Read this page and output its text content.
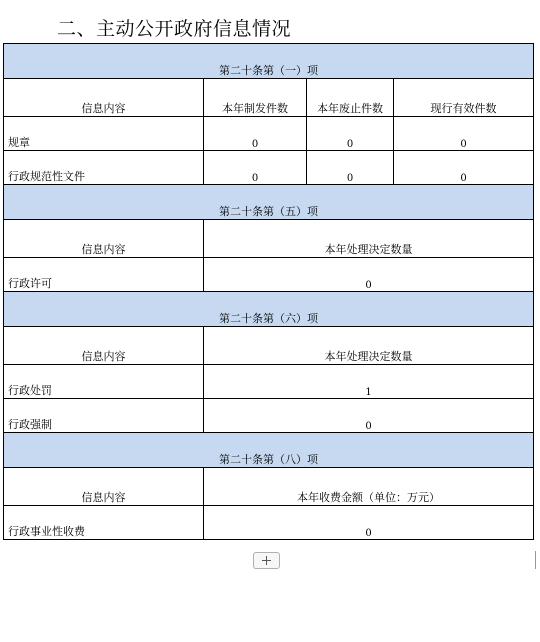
二、主动公开政府信息情况
第二十条第（一）项			
信息内容	本年制发件数	本年废止件数	现行有效件数
规章	0	0	0
行政规范性文件	0	0	0
第二十条第（五）项			
信息内容	本年处理决定数量		
行政许可	0		
第二十条第（六）项			
信息内容	本年处理决定数量		
行政处罚	1		
行政强制	0		
第二十条第（八）项			
信息内容	本年收费金额（单位：万元）		
行政事业性收费	0		
